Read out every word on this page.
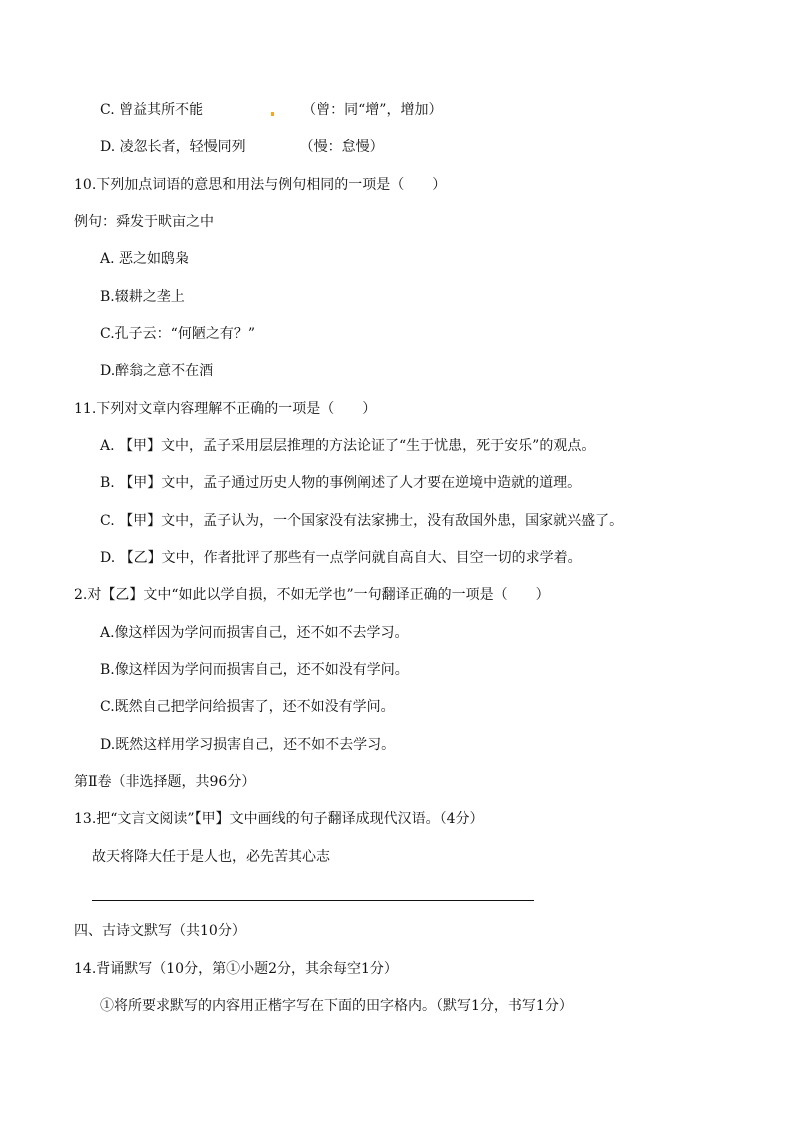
C. 曾益其所不能	（曾：同“增”，增加）
D. 凌忽长者，轻慢同列	（慢：怠慢）
10.下列加点词语的意思和用法与例句相同的一项是（　　）
例句：舜发于畎亩之中
A. 恶之如鸱枭
B.辍耕之垄上
C.孔子云：“何陋之有？”
D.醉翁之意不在酒
11.下列对文章内容理解不正确的一项是（　　）
A. 【甲】文中，孟子采用层层推理的方法论证了“生于忧患，死于安乐”的观点。
B. 【甲】文中，孟子通过历史人物的事例阐述了人才要在逆境中造就的道理。
C. 【甲】文中，孟子认为，一个国家没有法家拂士，没有敌国外患，国家就兴盛了。
D. 【乙】文中，作者批评了那些有一点学问就自高自大、目空一切的求学着。
2.对【乙】文中“如此以学自损，不如无学也”一句翻译正确的一项是（　　）
A.像这样因为学问而损害自己，还不如不去学习。
B.像这样因为学问而损害自己，还不如没有学问。
C.既然自己把学问给损害了，还不如没有学问。
D.既然这样用学习损害自己，还不如不去学习。
第Ⅱ卷（非选择题，共96分）
13.把“文言文阅读”【甲】文中画线的句子翻译成现代汉语。（4分）
故天将降大任于是人也，必先苦其心志
四、古诗文默写（共10分）
14.背诵默写（10分，第①小题2分，其余每空1分）
①将所要求默写的内容用正楷字写在下面的田字格内。（默写1分，书写1分）
